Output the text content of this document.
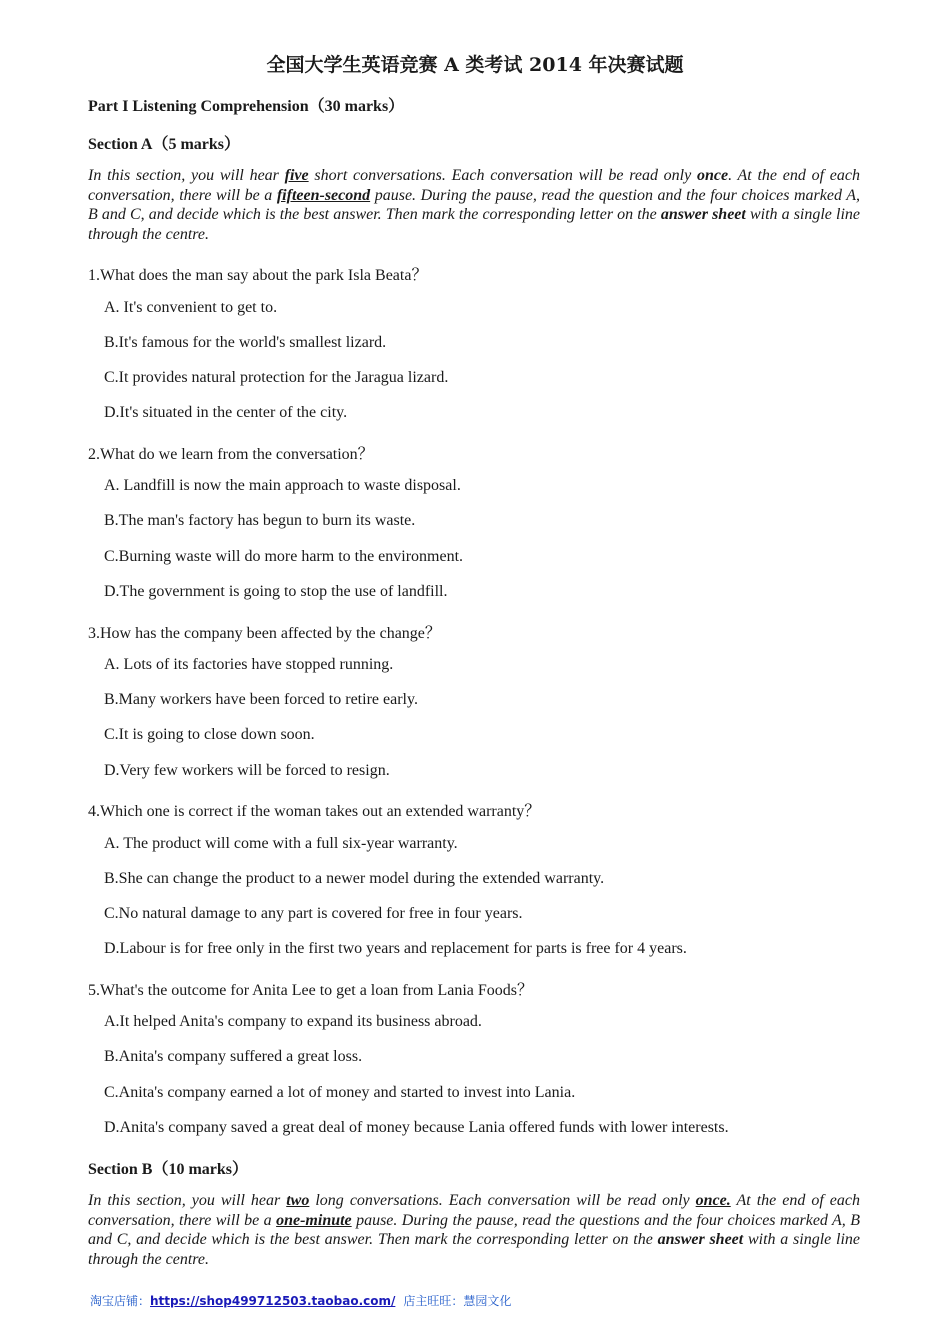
全国大学生英语竞赛 A 类考试 2014 年决赛试题
Part I Listening Comprehension（30 marks）
Section A（5 marks）
In this section, you will hear five short conversations. Each conversation will be read only once. At the end of each conversation, there will be a fifteen-second pause. During the pause, read the question and the four choices marked A, B and C, and decide which is the best answer. Then mark the corresponding letter on the answer sheet with a single line through the centre.
1.What does the man say about the park Isla Beata？
A. It's convenient to get to.
B.It's famous for the world's smallest lizard.
C.It provides natural protection for the Jaragua lizard.
D.It's situated in the center of the city.
2.What do we learn from the conversation？
A. Landfill is now the main approach to waste disposal.
B.The man's factory has begun to burn its waste.
C.Burning waste will do more harm to the environment.
D.The government is going to stop the use of landfill.
3.How has the company been affected by the change？
A. Lots of its factories have stopped running.
B.Many workers have been forced to retire early.
C.It is going to close down soon.
D.Very few workers will be forced to resign.
4.Which one is correct if the woman takes out an extended warranty？
A. The product will come with a full six-year warranty.
B.She can change the product to a newer model during the extended warranty.
C.No natural damage to any part is covered for free in four years.
D.Labour is for free only in the first two years and replacement for parts is free for 4 years.
5.What's the outcome for Anita Lee to get a loan from Lania Foods？
A.It helped Anita's company to expand its business abroad.
B.Anita's company suffered a great loss.
C.Anita's company earned a lot of money and started to invest into Lania.
D.Anita's company saved a great deal of money because Lania offered funds with lower interests.
Section B（10 marks）
In this section, you will hear two long conversations. Each conversation will be read only once. At the end of each conversation, there will be a one-minute pause. During the pause, read the questions and the four choices marked A, B and C, and decide which is the best answer. Then mark the corresponding letter on the answer sheet with a single line through the centre.
淘宝店铺：https://shop499712503.taobao.com/ 店主旺旺：慧园文化
